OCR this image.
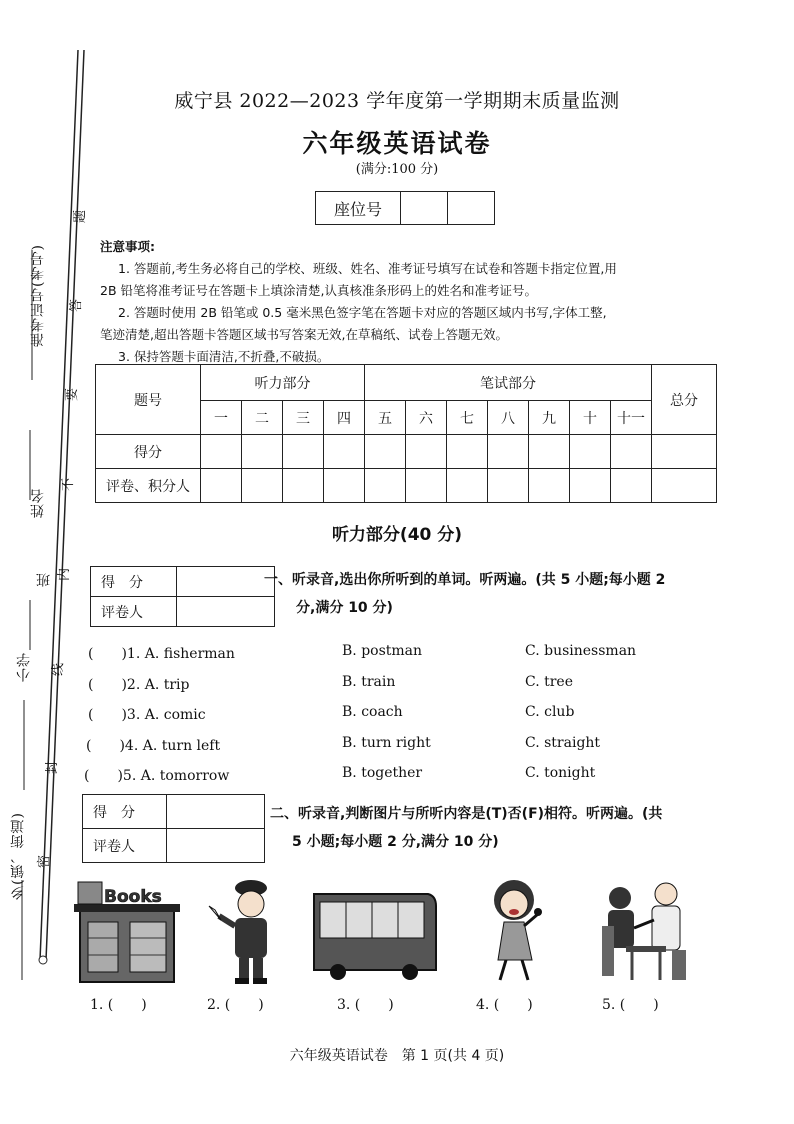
准考证号(考号)
姓名
班
小学
乡(镇、街道) 密
封
线
内
不
要
答
题
威宁县 2022—2023 学年度第一学期期末质量监测
六年级英语试卷
(满分:100 分)
座位号		
注意事项:
1. 答题前,考生务必将自己的学校、班级、姓名、准考证号填写在试卷和答题卡指定位置,用
2B 铅笔将准考证号在答题卡上填涂清楚,认真核准条形码上的姓名和准考证号。
2. 答题时使用 2B 铅笔或 0.5 毫米黑色签字笔在答题卡对应的答题区域内书写,字体工整,
笔迹清楚,超出答题卡答题区域书写答案无效,在草稿纸、试卷上答题无效。
3. 保持答题卡面清洁,不折叠,不破损。
题号	听力部分				笔试部分							总分
	一	二	三	四	五	六	七	八	九	十	十一	
得分												
评卷、积分人												
听力部分(40 分)
得　分	
评卷人	
一、听录音,选出你所听到的单词。听两遍。(共 5 小题;每小题 2
分,满分 10 分)
(　　)1. A. fisherman	B. postman	C. businessman
(　　)2. A. trip	B. train	C. tree
(　　)3. A. comic	B. coach	C. club
(　　)4. A. turn left	B. turn right	C. straight
(　　)5. A. tomorrow	B. together	C. tonight
得　分	
评卷人	
二、听录音,判断图片与所听内容是(T)否(F)相符。听两遍。(共
5 小题;每小题 2 分,满分 10 分)
Books
1. (　　)	2. (　　)	3. (　　)	4. (　　)	5. (　　)
六年级英语试卷　第 1 页(共 4 页)
